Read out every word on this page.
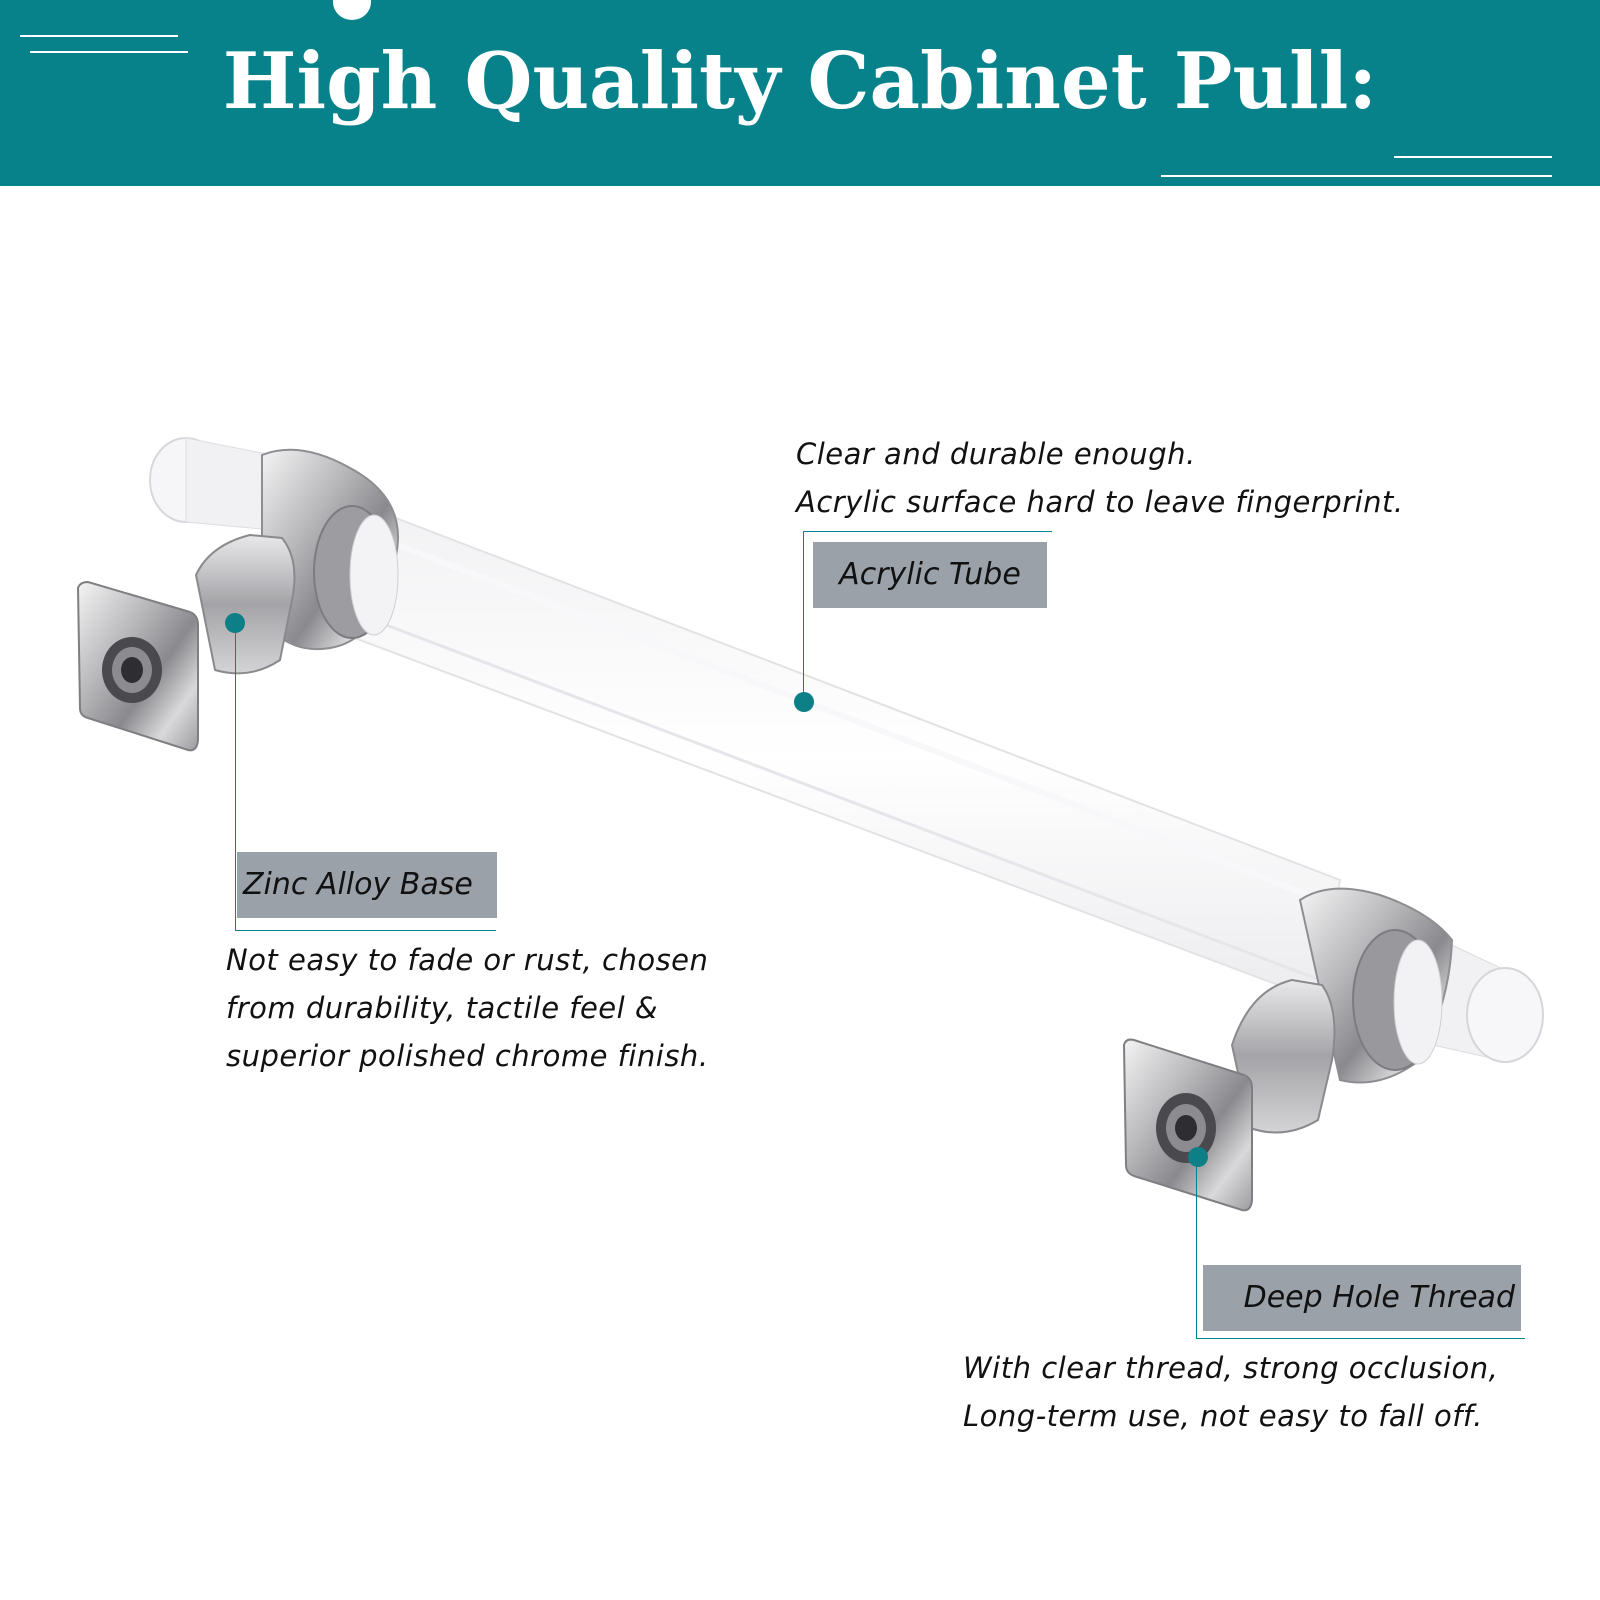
High Quality Cabinet Pull:
Clear and durable enough.
Acrylic surface hard to leave fingerprint.
Acrylic Tube
Zinc Alloy Base
Not easy to fade or rust, chosen
from durability, tactile feel &
superior polished chrome finish.
Deep Hole Thread
With clear thread, strong occlusion,
Long-term use, not easy to fall off.
